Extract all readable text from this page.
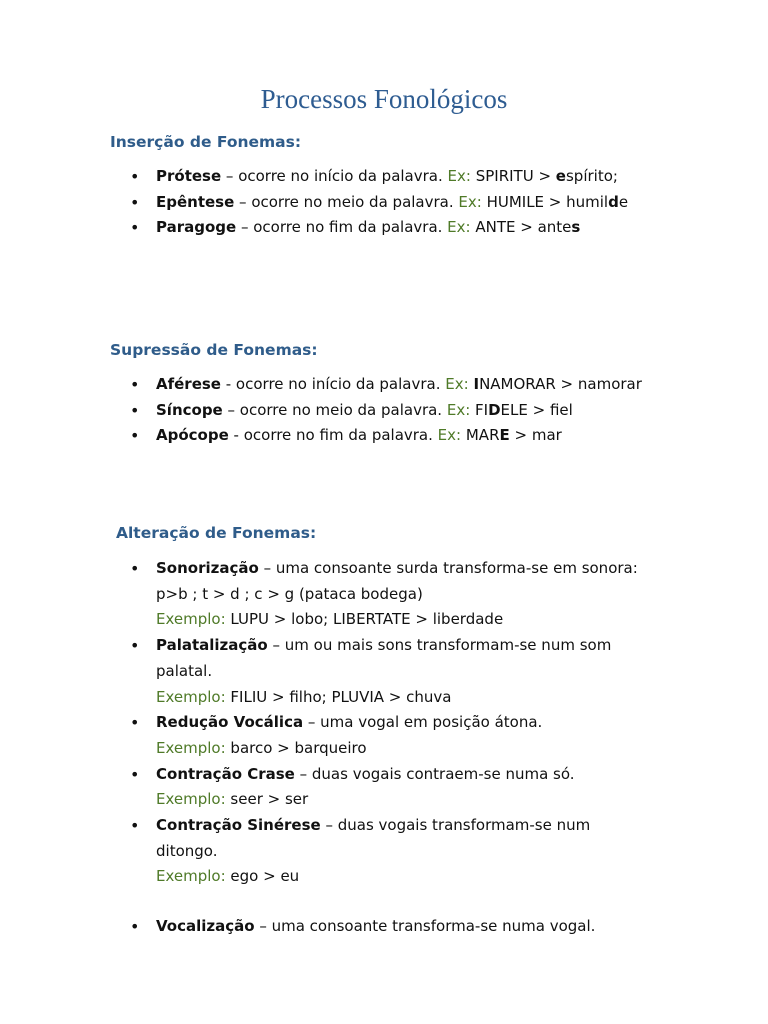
Processos Fonológicos
Inserção de Fonemas:
• Prótese – ocorre no início da palavra. Ex: SPIRITU > espírito;
• Epêntese – ocorre no meio da palavra. Ex: HUMILE > humilde
• Paragoge – ocorre no fim da palavra. Ex: ANTE > antes
Supressão de Fonemas:
• Aférese - ocorre no início da palavra. Ex: INAMORAR > namorar
• Síncope – ocorre no meio da palavra. Ex: FIDELE > fiel
• Apócope - ocorre no fim da palavra. Ex: MARE > mar
Alteração de Fonemas:
• Sonorização – uma consoante surda transforma-se em sonora: p>b ; t > d ; c > g (pataca bodega)
Exemplo: LUPU > lobo; LIBERTATE > liberdade
• Palatalização – um ou mais sons transformam-se num som palatal.
Exemplo: FILIU > filho; PLUVIA > chuva
• Redução Vocálica – uma vogal em posição átona.
Exemplo: barco > barqueiro
• Contração Crase – duas vogais contraem-se numa só.
Exemplo: seer > ser
• Contração Sinérese – duas vogais transformam-se num ditongo.
Exemplo: ego > eu
• Vocalização – uma consoante transforma-se numa vogal.
